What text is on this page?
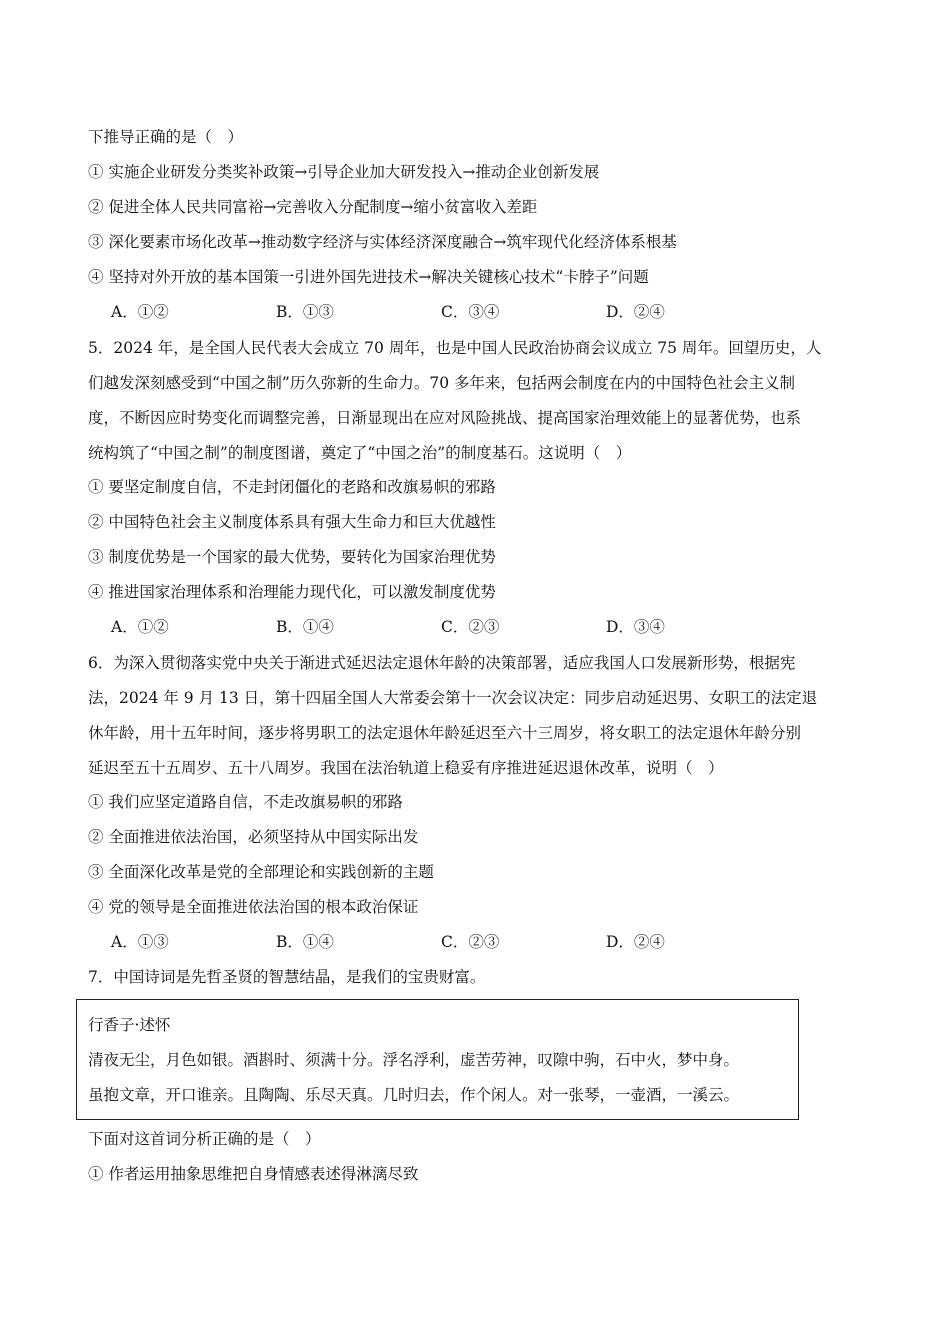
下推导正确的是（　）
① 实施企业研发分类奖补政策→引导企业加大研发投入→推动企业创新发展
② 促进全体人民共同富裕→完善收入分配制度→缩小贫富收入差距
③ 深化要素市场化改革→推动数字经济与实体经济深度融合→筑牢现代化经济体系根基
④ 坚持对外开放的基本国策一引进外国先进技术→解决关键核心技术“卡脖子”问题
A．①②	B．①③	C．③④	D．②④
5．2024 年，是全国人民代表大会成立 70 周年，也是中国人民政治协商会议成立 75 周年。回望历史，人
们越发深刻感受到“中国之制”历久弥新的生命力。70 多年来，包括两会制度在内的中国特色社会主义制
度，不断因应时势变化而调整完善，日渐显现出在应对风险挑战、提高国家治理效能上的显著优势，也系
统构筑了“中国之制”的制度图谱，奠定了“中国之治”的制度基石。这说明（　）
① 要坚定制度自信，不走封闭僵化的老路和改旗易帜的邪路
② 中国特色社会主义制度体系具有强大生命力和巨大优越性
③ 制度优势是一个国家的最大优势，要转化为国家治理优势
④ 推进国家治理体系和治理能力现代化，可以激发制度优势
A．①②	B．①④	C．②③	D．③④
6．为深入贯彻落实党中央关于渐进式延迟法定退休年龄的决策部署，适应我国人口发展新形势，根据宪
法，2024 年 9 月 13 日，第十四届全国人大常委会第十一次会议决定：同步启动延迟男、女职工的法定退
休年龄，用十五年时间，逐步将男职工的法定退休年龄延迟至六十三周岁，将女职工的法定退休年龄分别
延迟至五十五周岁、五十八周岁。我国在法治轨道上稳妥有序推进延迟退休改革，说明（　）
① 我们应坚定道路自信，不走改旗易帜的邪路
② 全面推进依法治国，必须坚持从中国实际出发
③ 全面深化改革是党的全部理论和实践创新的主题
④ 党的领导是全面推进依法治国的根本政治保证
A．①③	B．①④	C．②③	D．②④
7．中国诗词是先哲圣贤的智慧结晶，是我们的宝贵财富。
行香子·述怀
清夜无尘，月色如银。酒斟时、须满十分。浮名浮利，虚苦劳神，叹隙中驹，石中火，梦中身。
虽抱文章，开口谁亲。且陶陶、乐尽天真。几时归去，作个闲人。对一张琴，一壶酒，一溪云。
下面对这首词分析正确的是（　）
① 作者运用抽象思维把自身情感表述得淋漓尽致
